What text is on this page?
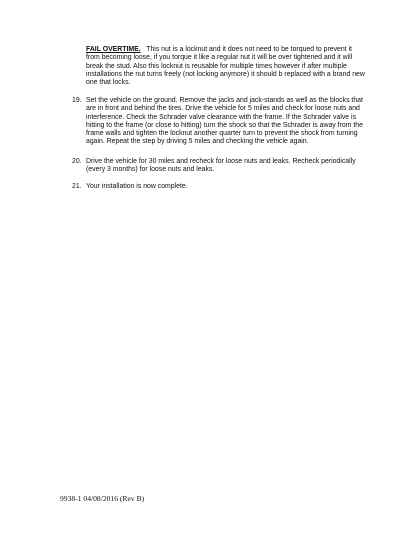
FAIL OVERTIME. This nut is a locknut and it does not need to be torqued to prevent it from becoming loose, if you torque it like a regular nut it will be over tightened and it will break the stud. Also this locknut is reusable for multiple times however if after multiple installations the nut turns freely (not locking anymore) it should b replaced with a brand new one that locks.

19. Set the vehicle on the ground. Remove the jacks and jack-stands as well as the blocks that are in front and behind the tires. Drive the vehicle for 5 miles and check for loose nuts and interference. Check the Schrader valve clearance with the frame. If the Schrader valve is hitting to the frame (or close to hitting) turn the shock so that the Schrader is away from the frame walls and tighten the locknut another quarter turn to prevent the shock from turning again. Repeat the step by driving 5 miles and checking the vehicle again.

20. Drive the vehicle for 30 miles and recheck for loose nuts and leaks. Recheck periodically (every 3 months) for loose nuts and leaks.

21. Your installation is now complete.

9938-1 04/08/2016 (Rev B)
